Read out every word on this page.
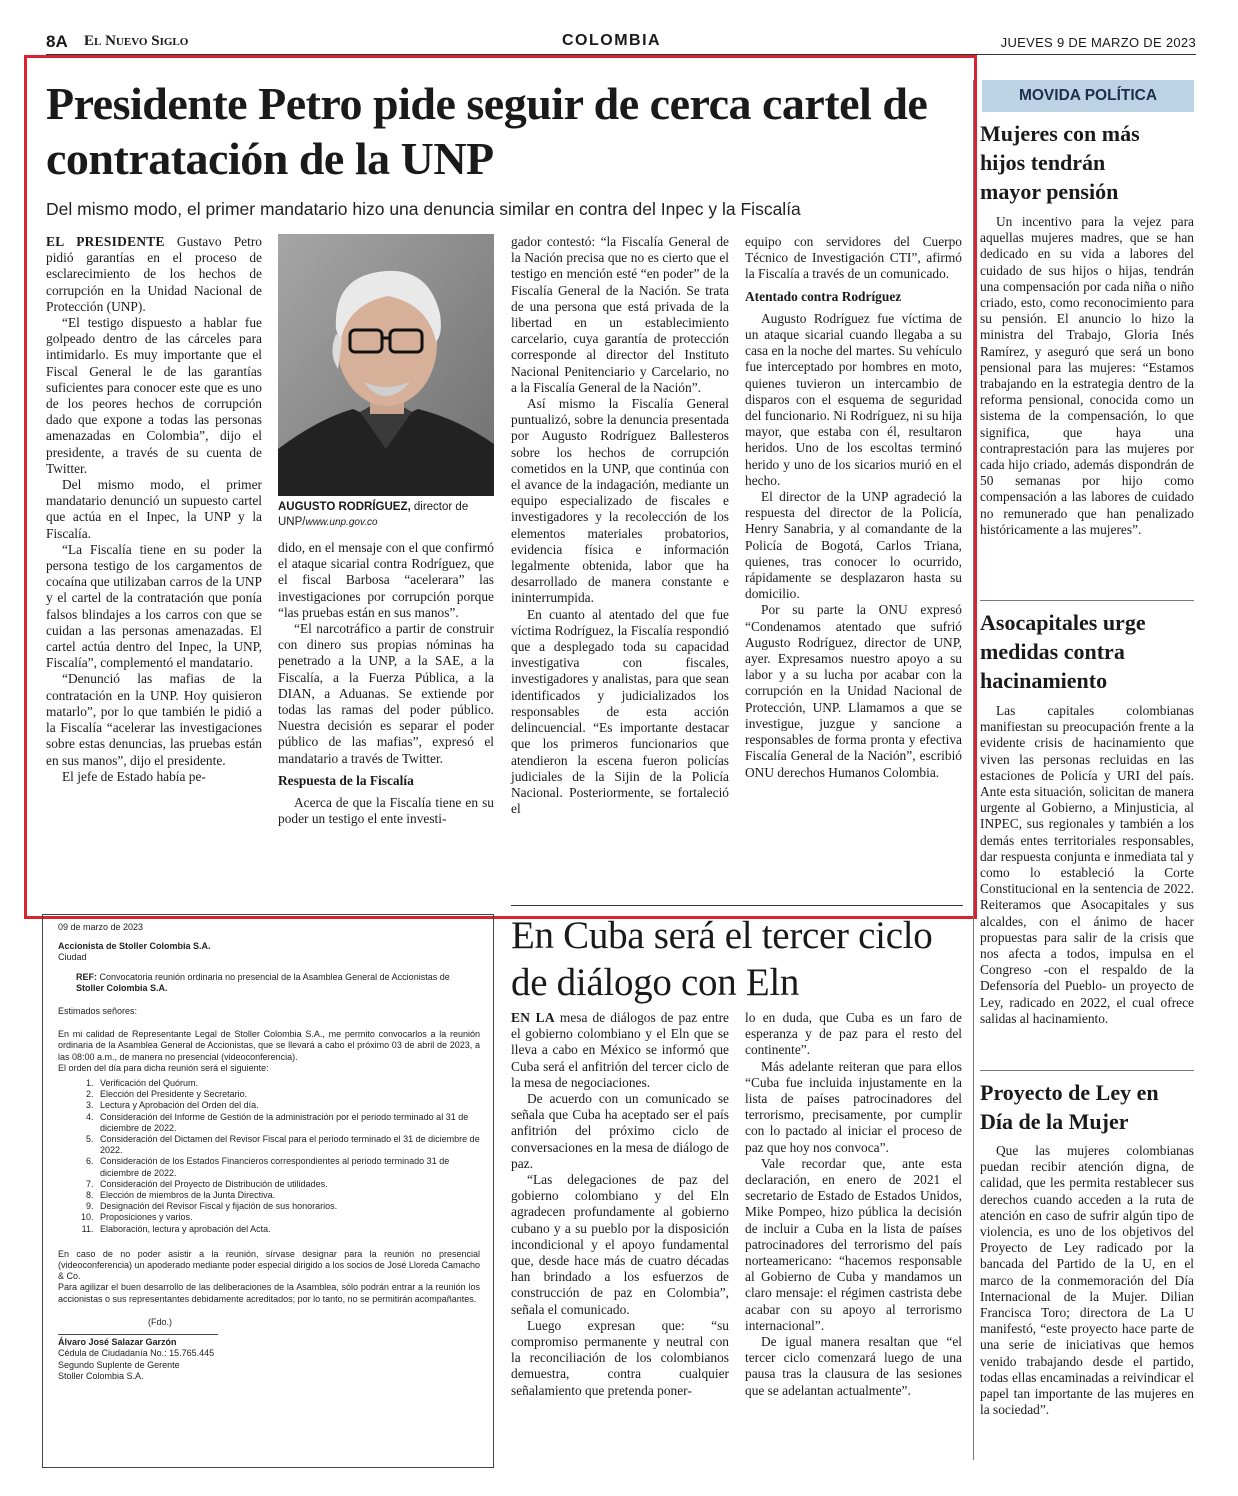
8A El Nuevo Siglo	COLOMBIA	JUEVES 9 DE MARZO DE 2023
Presidente Petro pide seguir de cerca cartel de contratación de la UNP
Del mismo modo, el primer mandatario hizo una denuncia similar en contra del Inpec y la Fiscalía

EL PRESIDENTE Gustavo Petro pidió garantías en el proceso de esclarecimiento de los hechos de corrupción en la Unidad Nacional de Protección (UNP).

“El testigo dispuesto a hablar fue golpeado dentro de las cárceles para intimidarlo. Es muy importante que el Fiscal General le de las garantías suficientes para conocer este que es uno de los peores hechos de corrupción dado que expone a todas las personas amenazadas en Colombia”, dijo el presidente, a través de su cuenta de Twitter.

Del mismo modo, el primer mandatario denunció un supuesto cartel que actúa en el Inpec, la UNP y la Fiscalía.

“La Fiscalía tiene en su poder la persona testigo de los cargamentos de cocaína que utilizaban carros de la UNP y el cartel de la contratación que ponía falsos blindajes a los carros con que se cuidan a las personas amenazadas. El cartel actúa dentro del Inpec, la UNP, Fiscalía”, complementó el mandatario.

“Denunció las mafias de la contratación en la UNP. Hoy quisieron matarlo”, por lo que también le pidió a la Fiscalía “acelerar las investigaciones sobre estas denuncias, las pruebas están en sus manos”, dijo el presidente.

El jefe de Estado había pe-

AUGUSTO RODRÍGUEZ, director de UNP/www.unp.gov.co

dido, en el mensaje con el que confirmó el ataque sicarial contra Rodríguez, que el fiscal Barbosa “acelerara” las investigaciones por corrupción porque “las pruebas están en sus manos”.

“El narcotráfico a partir de construir con dinero sus propias nóminas ha penetrado a la UNP, a la SAE, a la Fiscalía, a la Fuerza Pública, a la DIAN, a Aduanas. Se extiende por todas las ramas del poder público. Nuestra decisión es separar el poder público de las mafias”, expresó el mandatario a través de Twitter.

Respuesta de la Fiscalía

Acerca de que la Fiscalía tiene en su poder un testigo el ente investi-

gador contestó: “la Fiscalía General de la Nación precisa que no es cierto que el testigo en mención esté “en poder” de la Fiscalía General de la Nación. Se trata de una persona que está privada de la libertad en un establecimiento carcelario, cuya garantía de protección corresponde al director del Instituto Nacional Penitenciario y Carcelario, no a la Fiscalía General de la Nación”.

Así mismo la Fiscalía General puntualizó, sobre la denuncia presentada por Augusto Rodríguez Ballesteros sobre los hechos de corrupción cometidos en la UNP, que continúa con el avance de la indagación, mediante un equipo especializado de fiscales e investigadores y la recolección de los elementos materiales probatorios, evidencia física e información legalmente obtenida, labor que ha desarrollado de manera constante e ininterrumpida.

En cuanto al atentado del que fue víctima Rodríguez, la Fiscalía respondió que a desplegado toda su capacidad investigativa con fiscales, investigadores y analistas, para que sean identificados y judicializados los responsables de esta acción delincuencial. “Es importante destacar que los primeros funcionarios que atendieron la escena fueron policías judiciales de la Sijin de la Policía Nacional. Posteriormente, se fortaleció el

equipo con servidores del Cuerpo Técnico de Investigación CTI”, afirmó la Fiscalía a través de un comunicado.

Atentado contra Rodríguez

Augusto Rodríguez fue víctima de un ataque sicarial cuando llegaba a su casa en la noche del martes. Su vehículo fue interceptado por hombres en moto, quienes tuvieron un intercambio de disparos con el esquema de seguridad del funcionario. Ni Rodríguez, ni su hija mayor, que estaba con él, resultaron heridos. Uno de los escoltas terminó herido y uno de los sicarios murió en el hecho.

El director de la UNP agradeció la respuesta del director de la Policía, Henry Sanabria, y al comandante de la Policía de Bogotá, Carlos Triana, quienes, tras conocer lo ocurrido, rápidamente se desplazaron hasta su domicilio.

Por su parte la ONU expresó “Condenamos atentado que sufrió Augusto Rodríguez, director de UNP, ayer. Expresamos nuestro apoyo a su labor y a su lucha por acabar con la corrupción en la Unidad Nacional de Protección, UNP. Llamamos a que se investigue, juzgue y sancione a responsables de forma pronta y efectiva Fiscalía General de la Nación”, escribió ONU derechos Humanos Colombia.

09 de marzo de 2023

Accionista de Stoller Colombia S.A.

Ciudad

REF: Convocatoria reunión ordinaria no presencial de la Asamblea General de Accionistas de Stoller Colombia S.A.

Estimados señores:

En mi calidad de Representante Legal de Stoller Colombia S.A., me permito convocarlos a la reunión ordinaria de la Asamblea General de Accionistas, que se llevará a cabo el próximo 03 de abril de 2023, a las 08:00 a.m., de manera no presencial (videoconferencia).

El orden del día para dicha reunión será el siguiente:

1. Verificación del Quórum.
2. Elección del Presidente y Secretario.
3. Lectura y Aprobación del Orden del día.
4. Consideración del Informe de Gestión de la administración por el periodo terminado al 31 de diciembre de 2022.
5. Consideración del Dictamen del Revisor Fiscal para el periodo terminado el 31 de diciembre de 2022.
6. Consideración de los Estados Financieros correspondientes al periodo terminado 31 de diciembre de 2022.
7. Consideración del Proyecto de Distribución de utilidades.
8. Elección de miembros de la Junta Directiva.
9. Designación del Revisor Fiscal y fijación de sus honorarios.
10. Proposiciones y varios.
11. Elaboración, lectura y aprobación del Acta.

En caso de no poder asistir a la reunión, sírvase designar para la reunión no presencial (videoconferencia) un apoderado mediante poder especial dirigido a los socios de José Lloreda Camacho & Co.

Para agilizar el buen desarrollo de las deliberaciones de la Asamblea, sólo podrán entrar a la reunión los accionistas o sus representantes debidamente acreditados; por lo tanto, no se permitirán acompañantes.

(Fdo.)

Álvaro José Salazar Garzón

Cédula de Ciudadanía No.: 15.765.445

Segundo Suplente de Gerente

Stoller Colombia S.A.

En Cuba será el tercer ciclo de diálogo con Eln

EN LA mesa de diálogos de paz entre el gobierno colombiano y el Eln que se lleva a cabo en México se informó que Cuba será el anfitrión del tercer ciclo de la mesa de negociaciones.

De acuerdo con un comunicado se señala que Cuba ha aceptado ser el país anfitrión del próximo ciclo de conversaciones en la mesa de diálogo de paz.

“Las delegaciones de paz del gobierno colombiano y del Eln agradecen profundamente al gobierno cubano y a su pueblo por la disposición incondicional y el apoyo fundamental que, desde hace más de cuatro décadas han brindado a los esfuerzos de construcción de paz en Colombia”, señala el comunicado.

Luego expresan que: “su compromiso permanente y neutral con la reconciliación de los colombianos demuestra, contra cualquier señalamiento que pretenda poner-

lo en duda, que Cuba es un faro de esperanza y de paz para el resto del continente”.

Más adelante reiteran que para ellos “Cuba fue incluida injustamente en la lista de países patrocinadores del terrorismo, precisamente, por cumplir con lo pactado al iniciar el proceso de paz que hoy nos convoca”.

Vale recordar que, ante esta declaración, en enero de 2021 el secretario de Estado de Estados Unidos, Mike Pompeo, hizo pública la decisión de incluir a Cuba en la lista de países patrocinadores del terrorismo del país norteamericano: “hacemos responsable al Gobierno de Cuba y mandamos un claro mensaje: el régimen castrista debe acabar con su apoyo al terrorismo internacional”.

De igual manera resaltan que “el tercer ciclo comenzará luego de una pausa tras la clausura de las sesiones que se adelantan actualmente”.

MOVIDA POLÍTICA
Mujeres con más hijos tendrán mayor pensión

Un incentivo para la vejez para aquellas mujeres madres, que se han dedicado en su vida a labores del cuidado de sus hijos o hijas, tendrán una compensación por cada niña o niño criado, esto, como reconocimiento para su pensión. El anuncio lo hizo la ministra del Trabajo, Gloria Inés Ramírez, y aseguró que será un bono pensional para las mujeres: “Estamos trabajando en la estrategia dentro de la reforma pensional, conocida como un sistema de la compensación, lo que significa, que haya una contraprestación para las mujeres por cada hijo criado, además dispondrán de 50 semanas por hijo como compensación a las labores de cuidado no remunerado que han penalizado históricamente a las mujeres”.

Asocapitales urge medidas contra hacinamiento

Las capitales colombianas manifiestan su preocupación frente a la evidente crisis de hacinamiento que viven las personas recluidas en las estaciones de Policía y URI del país. Ante esta situación, solicitan de manera urgente al Gobierno, a Minjusticia, al INPEC, sus regionales y también a los demás entes territoriales responsables, dar respuesta conjunta e inmediata tal y como lo estableció la Corte Constitucional en la sentencia de 2022. Reiteramos que Asocapitales y sus alcaldes, con el ánimo de hacer propuestas para salir de la crisis que nos afecta a todos, impulsa en el Congreso -con el respaldo de la Defensoría del Pueblo- un proyecto de Ley, radicado en 2022, el cual ofrece salidas al hacinamiento.

Proyecto de Ley en Día de la Mujer

Que las mujeres colombianas puedan recibir atención digna, de calidad, que les permita restablecer sus derechos cuando acceden a la ruta de atención en caso de sufrir algún tipo de violencia, es uno de los objetivos del Proyecto de Ley radicado por la bancada del Partido de la U, en el marco de la conmemoración del Día Internacional de la Mujer. Dilian Francisca Toro; directora de La U manifestó, “este proyecto hace parte de una serie de iniciativas que hemos venido trabajando desde el partido, todas ellas encaminadas a reivindicar el papel tan importante de las mujeres en la sociedad”.
